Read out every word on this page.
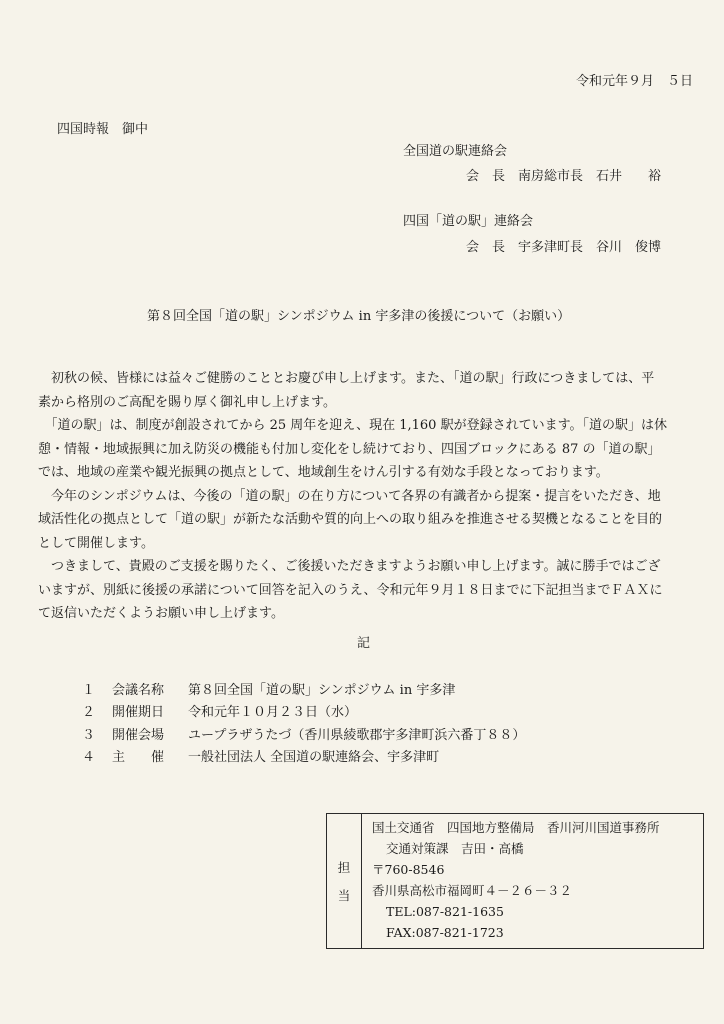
令和元年９月　５日
四国時報　御中
全国道の駅連絡会
会　長　南房総市長　石井　　裕
四国「道の駅」連絡会
会　長　宇多津町長　谷川　俊博
第８回全国「道の駅」シンポジウム in 宇多津の後援について（お願い）
　初秋の候、皆様には益々ご健勝のこととお慶び申し上げます。また、「道の駅」行政につきましては、平
素から格別のご高配を賜り厚く御礼申し上げます。
　「道の駅」は、制度が創設されてから 25 周年を迎え、現在 1,160 駅が登録されています。「道の駅」は休
憩・情報・地域振興に加え防災の機能も付加し変化をし続けており、四国ブロックにある 87 の「道の駅」
では、地域の産業や観光振興の拠点として、地域創生をけん引する有効な手段となっております。
　今年のシンポジウムは、今後の「道の駅」の在り方について各界の有識者から提案・提言をいただき、地
域活性化の拠点として「道の駅」が新たな活動や質的向上への取り組みを推進させる契機となることを目的
として開催します。
　つきまして、貴殿のご支援を賜りたく、ご後援いただきますようお願い申し上げます。誠に勝手ではござ
いますが、別紙に後援の承諾について回答を記入のうえ、令和元年９月１８日までに下記担当までＦＡＸに
て返信いただくようお願い申し上げます。
記
１	会議名称	第８回全国「道の駅」シンポジウム in 宇多津
２	開催期日	令和元年１０月２３日（水）
３	開催会場	ユープラザうたづ（香川県綾歌郡宇多津町浜六番丁８８）
４	主　　催	一般社団法人 全国道の駅連絡会、宇多津町
担
当
国土交通省　四国地方整備局　香川河川国道事務所
交通対策課　吉田・高橋
〒760-8546
香川県高松市福岡町４－２６－３２
TEL:087-821-1635
FAX:087-821-1723
